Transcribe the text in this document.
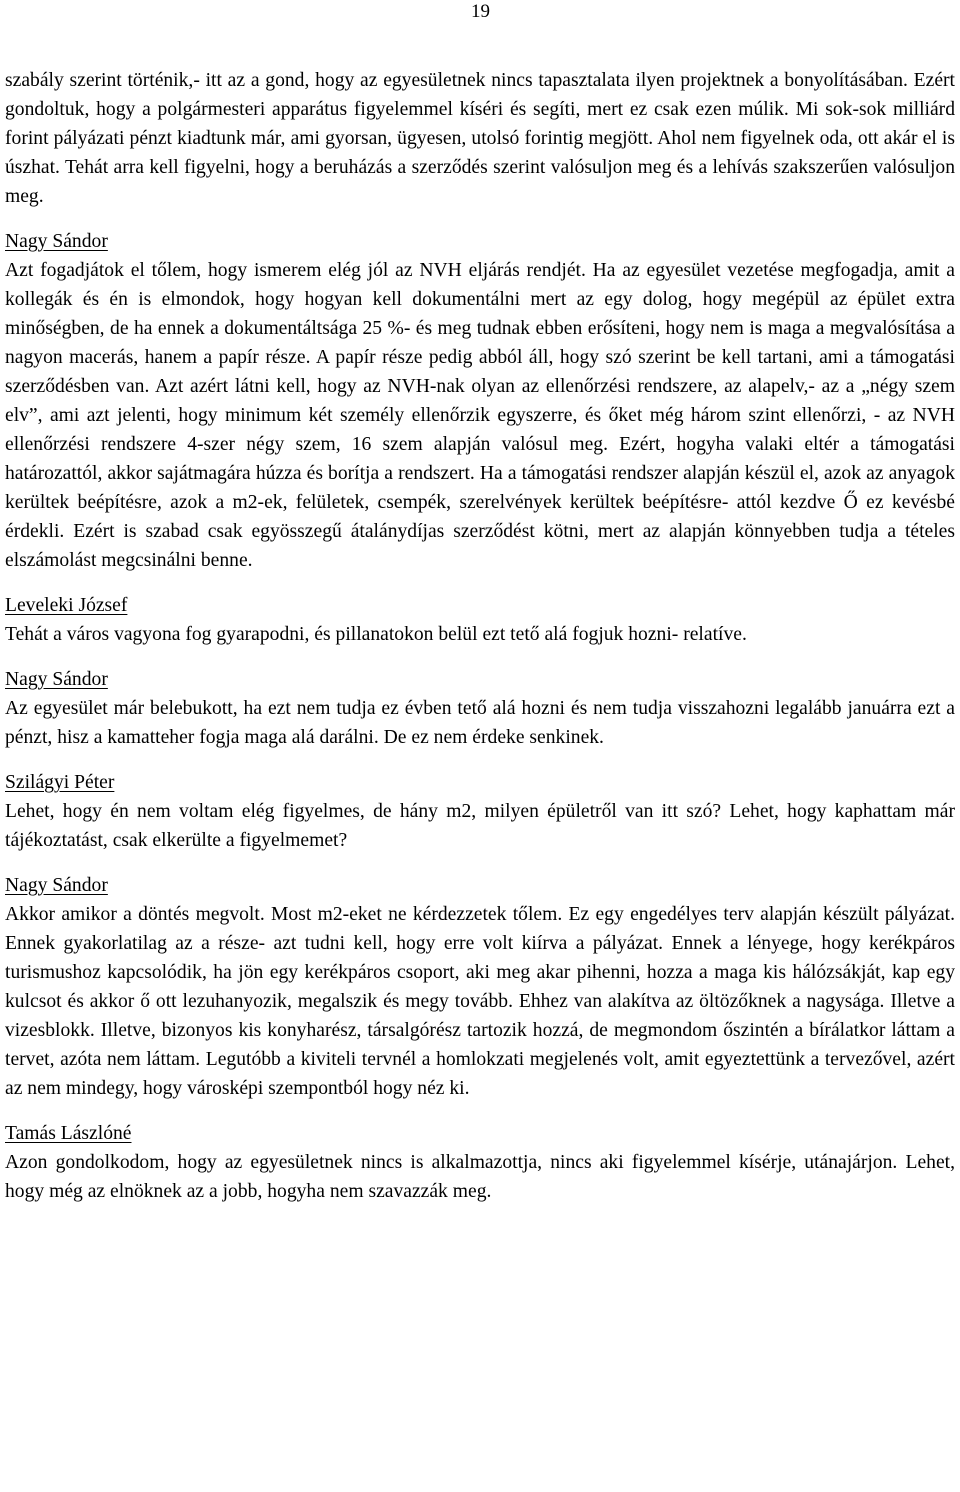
19

szabály szerint történik,- itt az a gond, hogy az egyesületnek nincs tapasztalata ilyen projektnek a bonyolításában. Ezért gondoltuk, hogy a polgármesteri apparátus figyelemmel kíséri és segíti, mert ez csak ezen múlik. Mi sok-sok milliárd forint pályázati pénzt kiadtunk már, ami gyorsan, ügyesen, utolsó forintig megjött. Ahol nem figyelnek oda, ott akár el is úszhat. Tehát arra kell figyelni, hogy a beruházás a szerződés szerint valósuljon meg és a lehívás szakszerűen valósuljon meg.

Nagy Sándor

Azt fogadjátok el tőlem, hogy ismerem elég jól az NVH eljárás rendjét. Ha az egyesület vezetése megfogadja, amit a kollegák és én is elmondok, hogy hogyan kell dokumentálni mert az egy dolog, hogy megépül az épület extra minőségben, de ha ennek a dokumentáltsága 25 %- és meg tudnak ebben erősíteni, hogy nem is maga a megvalósítása a nagyon macerás, hanem a papír része. A papír része pedig abból áll, hogy szó szerint be kell tartani, ami a támogatási szerződésben van. Azt azért látni kell, hogy az NVH-nak olyan az ellenőrzési rendszere, az alapelv,- az a „négy szem elv”, ami azt jelenti, hogy minimum két személy ellenőrzik egyszerre, és őket még három szint ellenőrzi, - az NVH ellenőrzési rendszere 4-szer négy szem, 16 szem alapján valósul meg. Ezért, hogyha valaki eltér a támogatási határozattól, akkor sajátmagára húzza és borítja a rendszert. Ha a támogatási rendszer alapján készül el, azok az anyagok kerültek beépítésre, azok a m2-ek, felületek, csempék, szerelvények kerültek beépítésre- attól kezdve Ő ez kevésbé érdekli. Ezért is szabad csak egyösszegű átalánydíjas szerződést kötni, mert az alapján könnyebben tudja a tételes elszámolást megcsinálni benne.

Leveleki József

Tehát a város vagyona fog gyarapodni, és pillanatokon belül ezt tető alá fogjuk hozni- relatíve.

Nagy Sándor

Az egyesület már belebukott, ha ezt nem tudja ez évben tető alá hozni és nem tudja visszahozni legalább januárra ezt a pénzt, hisz a kamatteher fogja maga alá darálni. De ez nem érdeke senkinek.

Szilágyi Péter

Lehet, hogy én nem voltam elég figyelmes, de hány m2, milyen épületről van itt szó? Lehet, hogy kaphattam már tájékoztatást, csak elkerülte a figyelmemet?

Nagy Sándor

Akkor amikor a döntés megvolt. Most m2-eket ne kérdezzetek tőlem. Ez egy engedélyes terv alapján készült pályázat. Ennek gyakorlatilag az a része- azt tudni kell, hogy erre volt kiírva a pályázat. Ennek a lényege, hogy kerékpáros turismushoz kapcsolódik, ha jön egy kerékpáros csoport, aki meg akar pihenni, hozza a maga kis hálózsákját, kap egy kulcsot és akkor ő ott lezuhanyozik, megalszik és megy tovább. Ehhez van alakítva az öltözőknek a nagysága. Illetve a vizesblokk. Illetve, bizonyos kis konyharész, társalgórész tartozik hozzá, de megmondom őszintén a bírálatkor láttam a tervet, azóta nem láttam. Legutóbb a kiviteli tervnél a homlokzati megjelenés volt, amit egyeztettünk a tervezővel, azért az nem mindegy, hogy városképi szempontból hogy néz ki.

Tamás Lászlóné

Azon gondolkodom, hogy az egyesületnek nincs is alkalmazottja, nincs aki figyelemmel kísérje, utánajárjon. Lehet, hogy még az elnöknek az a jobb, hogyha nem szavazzák meg.
